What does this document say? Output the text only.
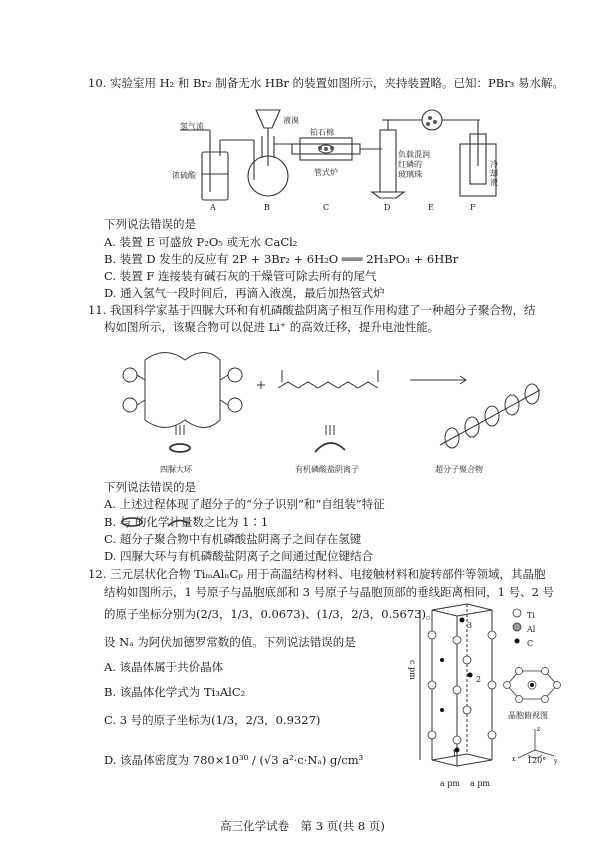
10. 实验室用 H₂ 和 Br₂ 制备无水 HBr 的装置如图所示，夹持装置略。已知：PBr₃ 易水解。
氢气流
浓硫酸
液溴
铂石棉
管式炉
负载混润
红磷的
玻璃珠
冷却液
A	B	C	D	E	F
下列说法错误的是
A. 装置 E 可盛放 P₂O₅ 或无水 CaCl₂
B. 装置 D 发生的反应有 2P + 3Br₂ + 6H₂O ═══ 2H₃PO₃ + 6HBr
C. 装置 F 连接装有碱石灰的干燥管可除去所有的尾气
D. 通入氢气一段时间后，再滴入液溴，最后加热管式炉
11. 我国科学家基于四脲大环和有机磷酸盐阴离子相互作用构建了一种超分子聚合物，结
构如图所示，该聚合物可以促进 Li⁺ 的高效迁移，提升电池性能。
四脲大环	有机磷酸盐阴离子	超分子聚合物
下列说法错误的是
A. 上述过程体现了超分子的“分子识别”和“自组装”特征
B. 与 的化学计量数之比为 1∶1
C. 超分子聚合物中有机磷酸盐阴离子之间存在氢键
D. 四脲大环与有机磷酸盐阴离子之间通过配位键结合
12. 三元层状化合物 TiₘAlₙCₚ 用于高温结构材料、电接触材料和旋转部件等领域，其晶胞
结构如图所示，1 号原子与晶胞底部和 3 号原子与晶胞顶部的垂线距离相同，1 号、2 号
的原子坐标分别为(2/3，1/3，0.0673)、(1/3，2/3，0.5673)。
设 Nₐ 为阿伏加德罗常数的值。下列说法错误的是
A. 该晶体属于共价晶体
B. 该晶体化学式为 Ti₃AlC₂
C. 3 号的原子坐标为(1/3，2/3，0.9327)
D. 该晶体密度为 780×10³⁰ / (√3 a²·c·Nₐ) g/cm³
c pm
a pm a pm
3
2
1
Ti
Al
C
晶胞俯视图
z
x	y
120°
高三化学试卷　第 3 页(共 8 页)
